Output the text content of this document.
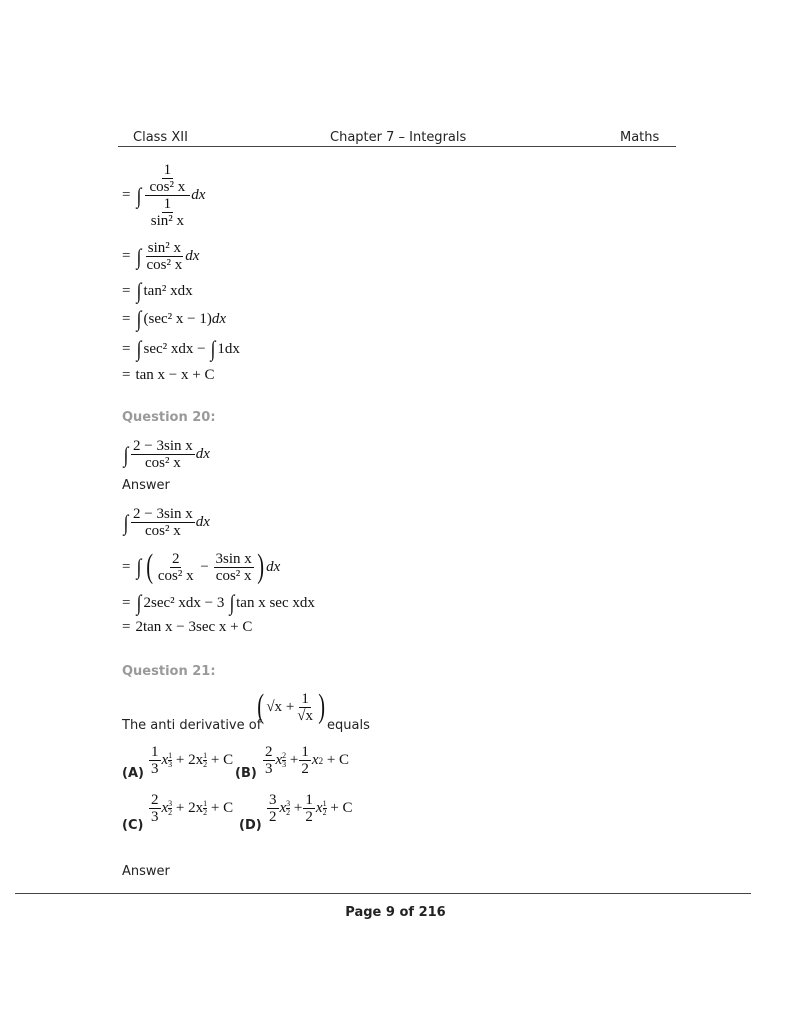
Class XII	Chapter 7 – Integrals	Maths
= ∫ $\frac{1}{\text{cos² x}}$
$\frac{1}{\text{sin² x}}$
dx
= ∫ sin² x
cos² x
dx
= ∫ tan² xdx
= ∫ (sec² x − 1) dx
= ∫ sec² xdx −
∫ 1dx
= tan x − x + C
Question 20:
∫ 2 − 3sin x
cos² x
dx
Answer
∫ 2 − 3sin x
cos² x
dx
= ∫ ( 2
cos² x

−
$\frac{\text{3sin x}}{\text{cos² x}}$ ) dx
= ∫ 2sec² xdx − 3
∫ tan x sec xdx
= 2tan x − 3sec x + C
Question 21:
The anti derivative of
( √x
+ $\frac{1}{√x}$ )
equals
(A)
1
3
x 1
3
+ 2x 1
2
+ C
(B)
2
3
x 2
3
+ $\frac{1}{2}$ x 2
+ C
(C)
2
3
x 3
2
+ 2x 1
2
+ C
(D)
3
2
x 3
2
+ $\frac{1}{2}$ x 1
2
+ C
Answer
Page 9 of 216
